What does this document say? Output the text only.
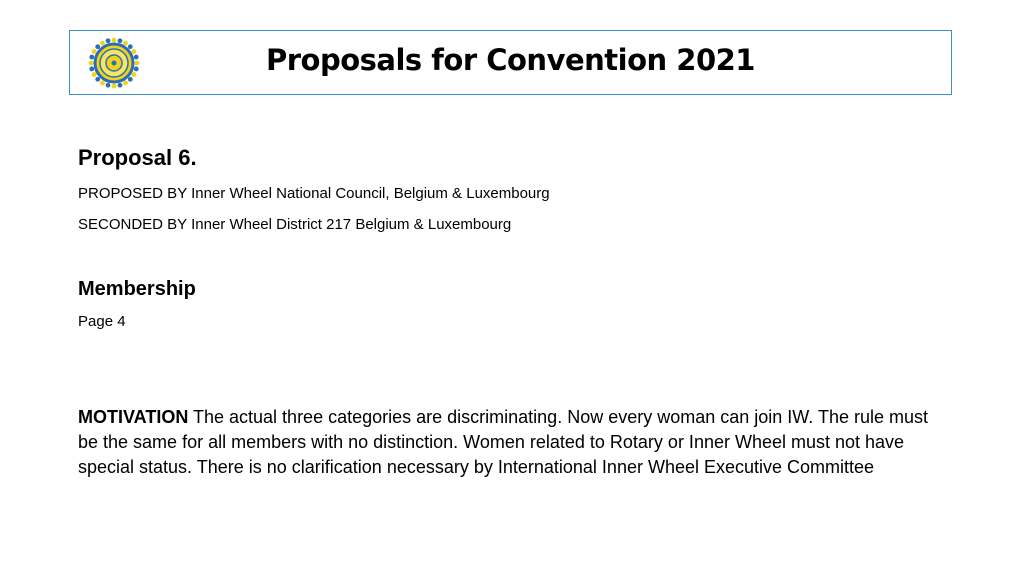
Proposals for Convention 2021
Proposal 6.
PROPOSED BY Inner Wheel National Council, Belgium & Luxembourg
SECONDED BY Inner Wheel District 217 Belgium & Luxembourg
Membership
Page 4
MOTIVATION The actual three categories are discriminating. Now every woman can join IW. The rule must be the same for all members with no distinction. Women related to Rotary or Inner Wheel must not have special status. There is no clarification necessary by International Inner Wheel Executive Committee
